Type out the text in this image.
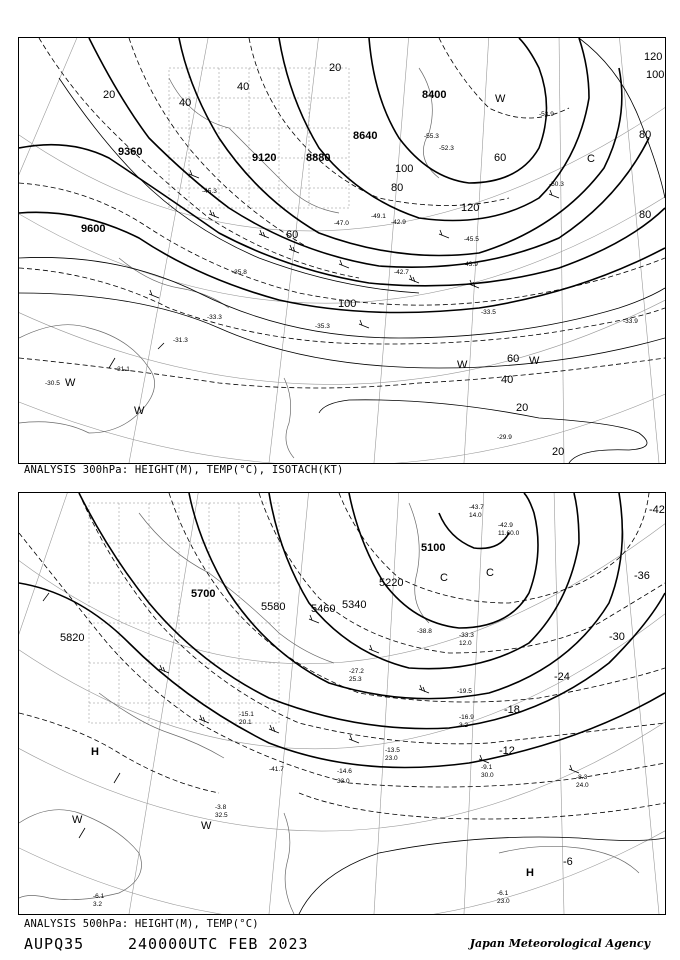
9600
9360	9120	8880
8640
8400
20
40
60
80
100
120
100
80
60
40
20
20
40
20
60
100
80
120
W
W
W	W
W
C
-35.3
-33.5
-31.3
-29.9
-33.9
-45.5
-42.7
-47.0
-52.3
-53.9
-50.3
-43.9
-45.3
-31.1
-30.5
-49.1
-55.3
-42.9
-35.8
-33.3
ANALYSIS 300hPa: HEIGHT(M), TEMP(°C), ISOTACH(KT)
5820
5700
5580 5460 5340
5220
5100
-6
-12
-18
-24
-30
-36
-42
H
H
W	W
C	C
-9.1
30.0	-8.3
24.0
-6.1
23.0
-13.5
23.0
-16.9
3.2
-19.5
-41.7
11.60.0
-43.7
14.0
-42.9
-3.8
32.5
-6.1
3.2
-15.1
20.1
-14.6
33.0
-27.2
25.3
-33.3
12.0
-38.8
ANALYSIS 500hPa: HEIGHT(M), TEMP(°C)
AUPQ35	240000UTC FEB 2023	Japan Meteorological Agency
